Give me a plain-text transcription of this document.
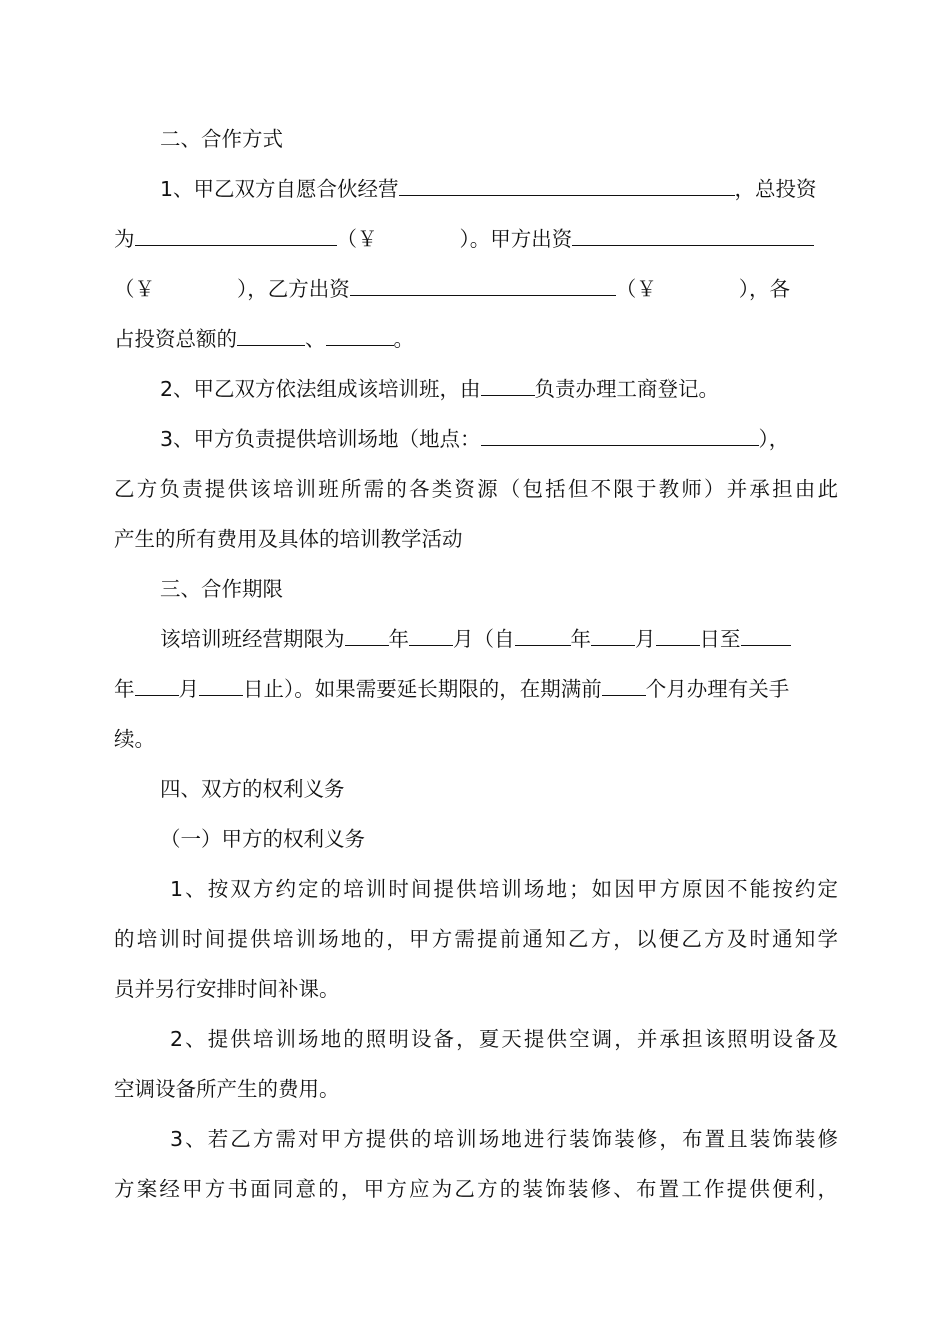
二、合作方式
1、甲乙双方自愿合伙经营	，总投资
为	（￥	）。甲方出资
（￥	），乙方出资	（￥	），各
占投资总额的	、	。
2、甲乙双方依法组成该培训班，由	负责办理工商登记。
3、甲方负责提供培训场地（地点：	），
乙方负责提供该培训班所需的各类资源（包括但不限于教师）并承担由此
产生的所有费用及具体的培训教学活动
三、合作期限
该培训班经营期限为 年 月（自	年 月 日至
年 月 日止）。如果需要延长期限的，在期满前 个月办理有关手
续。
四、双方的权利义务
（一）甲方的权利义务
1、按双方约定的培训时间提供培训场地；如因甲方原因不能按约定
的培训时间提供培训场地的，甲方需提前通知乙方，以便乙方及时通知学
员并另行安排时间补课。
2、提供培训场地的照明设备，夏天提供空调，并承担该照明设备及
空调设备所产生的费用。
3、若乙方需对甲方提供的培训场地进行装饰装修，布置且装饰装修
方案经甲方书面同意的，甲方应为乙方的装饰装修、布置工作提供便利，
